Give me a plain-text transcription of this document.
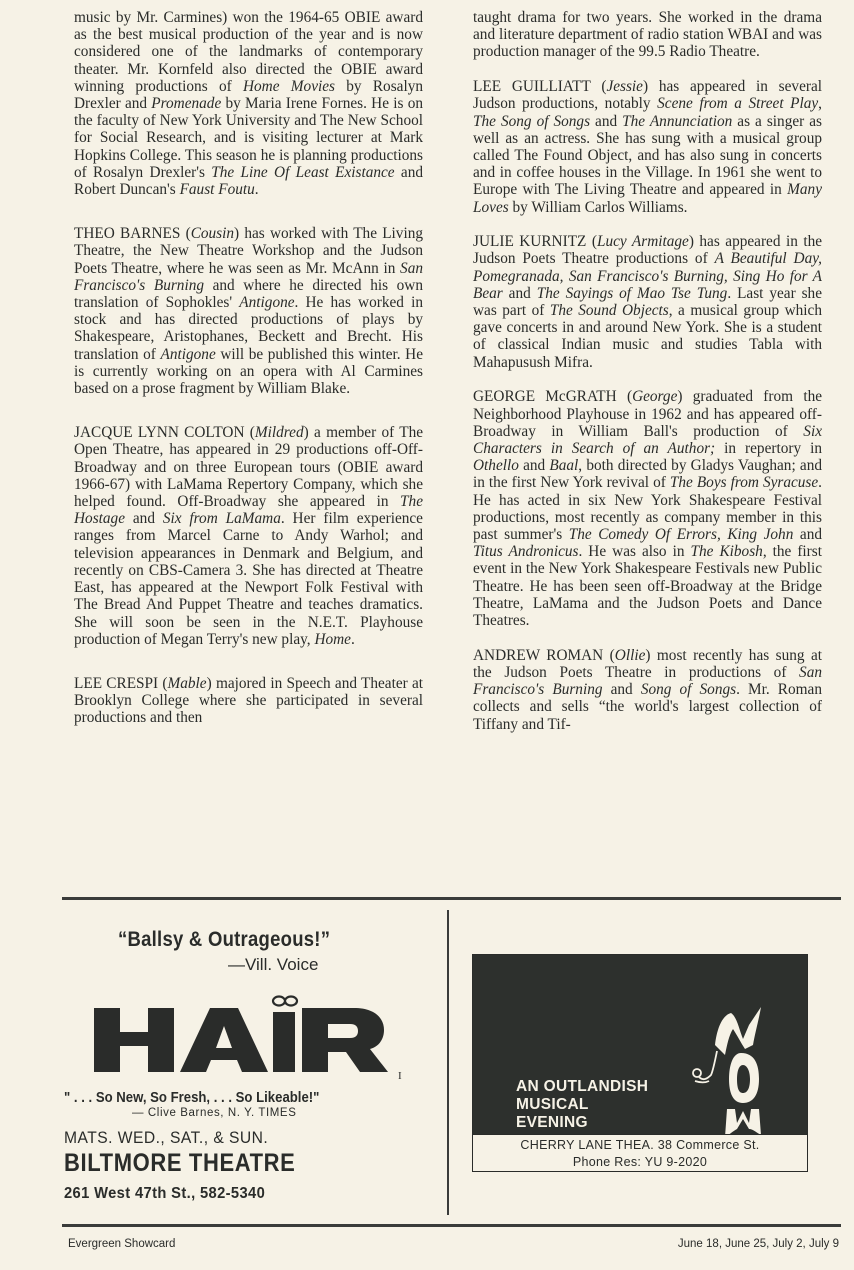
music by Mr. Carmines) won the 1964-65 OBIE award as the best musical production of the year and is now considered one of the landmarks of contemporary theater. Mr. Kornfeld also directed the OBIE award winning productions of Home Movies by Rosalyn Drexler and Promenade by Maria Irene Fornes. He is on the faculty of New York University and The New School for Social Research, and is visiting lecturer at Mark Hopkins College. This season he is planning productions of Rosalyn Drexler's The Line Of Least Existance and Robert Duncan's Faust Foutu.

THEO BARNES (Cousin) has worked with The Living Theatre, the New Theatre Workshop and the Judson Poets Theatre, where he was seen as Mr. McAnn in San Francisco's Burning and where he directed his own translation of Sophokles' Antigone. He has worked in stock and has directed productions of plays by Shakespeare, Aristophanes, Beckett and Brecht. His translation of Antigone will be published this winter. He is currently working on an opera with Al Carmines based on a prose fragment by William Blake.

JACQUE LYNN COLTON (Mildred) a member of The Open Theatre, has appeared in 29 productions off-Off-Broadway and on three European tours (OBIE award 1966-67) with LaMama Repertory Company, which she helped found. Off-Broadway she appeared in The Hostage and Six from LaMama. Her film experience ranges from Marcel Carne to Andy Warhol; and television appearances in Denmark and Belgium, and recently on CBS-Camera 3. She has directed at Theatre East, has appeared at the Newport Folk Festival with The Bread And Puppet Theatre and teaches dramatics. She will soon be seen in the N.E.T. Playhouse production of Megan Terry's new play, Home.

LEE CRESPI (Mable) majored in Speech and Theater at Brooklyn College where she participated in several productions and then

taught drama for two years. She worked in the drama and literature department of radio station WBAI and was production manager of the 99.5 Radio Theatre.

LEE GUILLIATT (Jessie) has appeared in several Judson productions, notably Scene from a Street Play, The Song of Songs and The Annunciation as a singer as well as an actress. She has sung with a musical group called The Found Object, and has also sung in concerts and in coffee houses in the Village. In 1961 she went to Europe with The Living Theatre and appeared in Many Loves by William Carlos Williams.

JULIE KURNITZ (Lucy Armitage) has appeared in the Judson Poets Theatre productions of A Beautiful Day, Pomegranada, San Francisco's Burning, Sing Ho for A Bear and The Sayings of Mao Tse Tung. Last year she was part of The Sound Objects, a musical group which gave concerts in and around New York. She is a student of classical Indian music and studies Tabla with Mahapusush Mifra.

GEORGE McGRATH (George) graduated from the Neighborhood Playhouse in 1962 and has appeared off-Broadway in William Ball's production of Six Characters in Search of an Author; in repertory in Othello and Baal, both directed by Gladys Vaughan; and in the first New York revival of The Boys from Syracuse. He has acted in six New York Shakespeare Festival productions, most recently as company member in this past summer's The Comedy Of Errors, King John and Titus Andronicus. He was also in The Kibosh, the first event in the New York Shakespeare Festivals new Public Theatre. He has been seen off-Broadway at the Bridge Theatre, LaMama and the Judson Poets and Dance Theatres.

ANDREW ROMAN (Ollie) most recently has sung at the Judson Poets Theatre in productions of San Francisco's Burning and Song of Songs. Mr. Roman collects and sells “the world's largest collection of Tiffany and Tif-

“Ballsy & Outrageous!”
—Vill. Voice
I
" . . . So New, So Fresh, . . . So Likeable!"
— Clive Barnes, N. Y. TIMES
MATS. WED., SAT., & SUN.
BILTMORE THEATRE
261 West 47th St., 582-5340
AN OUTLANDISH
MUSICAL
EVENING
CHERRY LANE THEA. 38 Commerce St.
Phone Res: YU 9-2020
Evergreen Showcard	June 18, June 25, July 2, July 9
